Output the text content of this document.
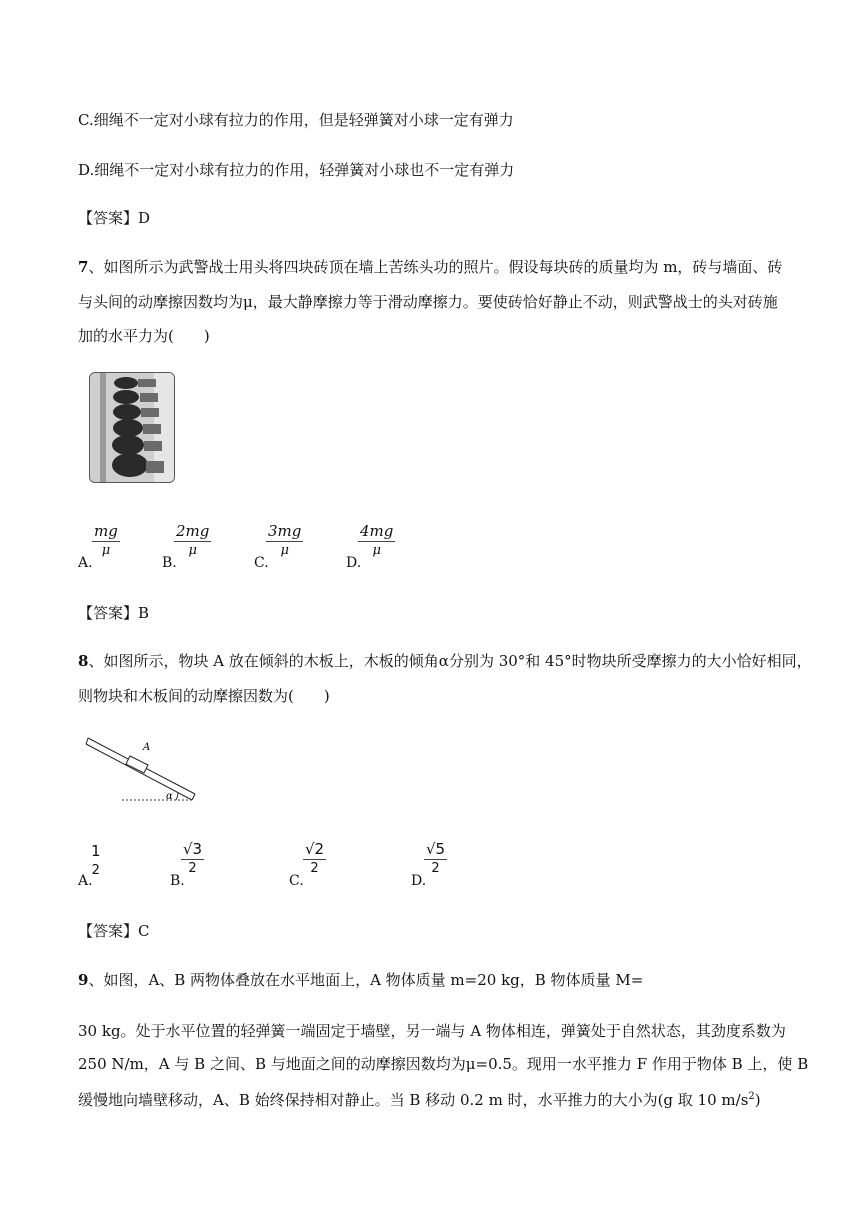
C.细绳不一定对小球有拉力的作用，但是轻弹簧对小球一定有弹力
D.细绳不一定对小球有拉力的作用，轻弹簧对小球也不一定有弹力
【答案】D
7、如图所示为武警战士用头将四块砖顶在墙上苦练头功的照片。假设每块砖的质量均为 m，砖与墙面、砖
与头间的动摩擦因数均为μ，最大静摩擦力等于滑动摩擦力。要使砖恰好静止不动，则武警战士的头对砖施
加的水平力为(　　)
A.
mg
μ
B.
2mg
μ
C.
3mg
μ
D.
4mg
μ
【答案】B
8、如图所示，物块 A 放在倾斜的木板上，木板的倾角α分别为 30°和 45°时物块所受摩擦力的大小恰好相同，
则物块和木板间的动摩擦因数为(　　)
A
α
A.
1
2
B.
√3
2
C.
√2
2
D.
√5
2
【答案】C
9、如图，A、B 两物体叠放在水平地面上，A 物体质量 m=20 kg，B 物体质量 M=
30 kg。处于水平位置的轻弹簧一端固定于墙壁，另一端与 A 物体相连，弹簧处于自然状态，其劲度系数为
250 N/m，A 与 B 之间、B 与地面之间的动摩擦因数均为μ=0.5。现用一水平推力 F 作用于物体 B 上，使 B
缓慢地向墙壁移动，A、B 始终保持相对静止。当 B 移动 0.2 m 时，水平推力的大小为(g 取 10 $m/s^2$)
